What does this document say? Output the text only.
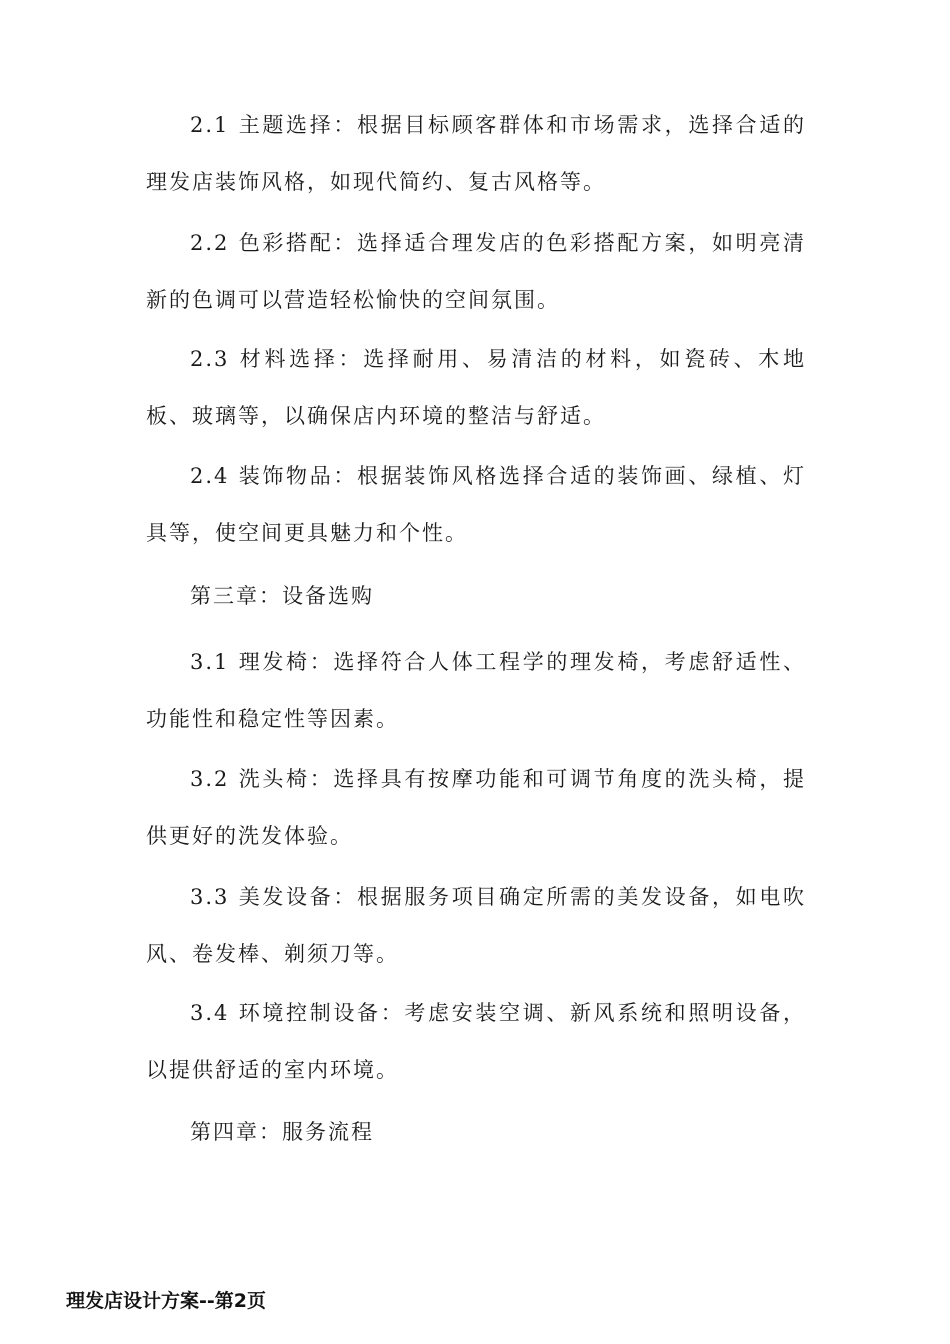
2.1 主题选择：根据目标顾客群体和市场需求，选择合适的理发店装饰风格，如现代简约、复古风格等。

2.2 色彩搭配：选择适合理发店的色彩搭配方案，如明亮清新的色调可以营造轻松愉快的空间氛围。

2.3 材料选择：选择耐用、易清洁的材料，如瓷砖、木地板、玻璃等，以确保店内环境的整洁与舒适。

2.4 装饰物品：根据装饰风格选择合适的装饰画、绿植、灯具等，使空间更具魅力和个性。

第三章：设备选购

3.1 理发椅：选择符合人体工程学的理发椅，考虑舒适性、功能性和稳定性等因素。

3.2 洗头椅：选择具有按摩功能和可调节角度的洗头椅，提供更好的洗发体验。

3.3 美发设备：根据服务项目确定所需的美发设备，如电吹风、卷发棒、剃须刀等。

3.4 环境控制设备：考虑安装空调、新风系统和照明设备，以提供舒适的室内环境。

第四章：服务流程

理发店设计方案--第2页
